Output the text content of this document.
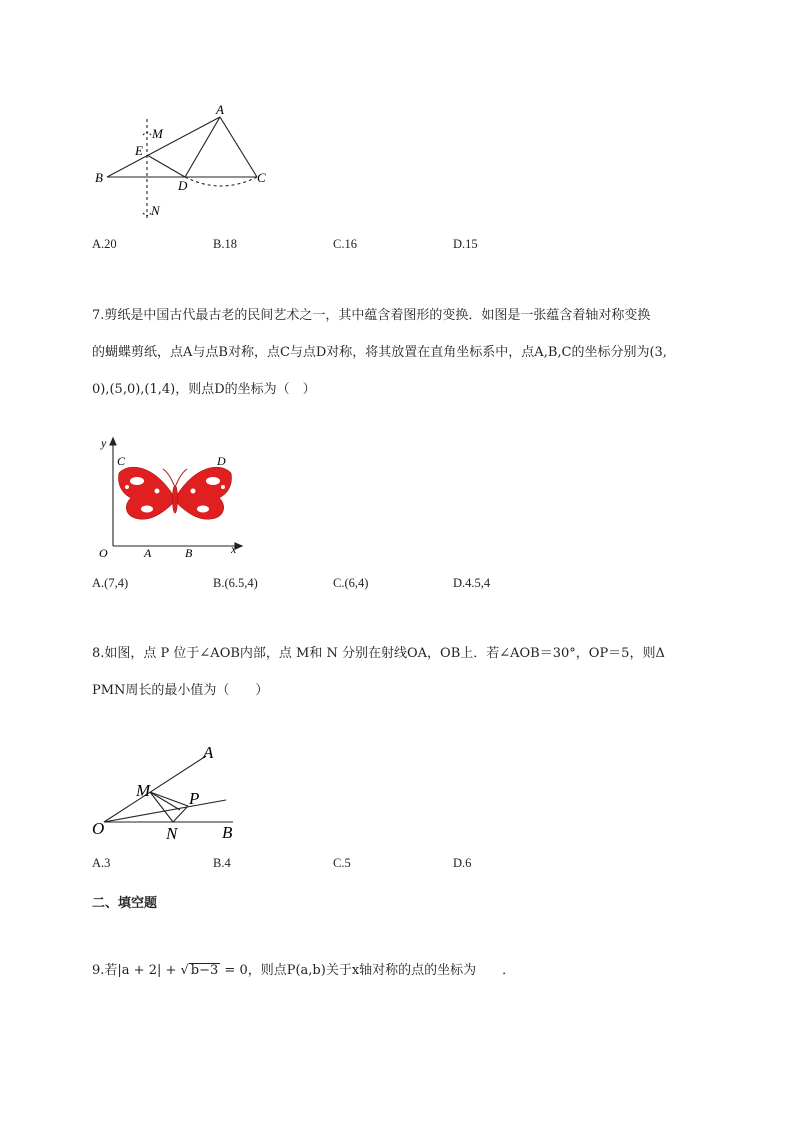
A
B	C
D
E
M
N
A.20	B.18	C.16	D.15
7.剪纸是中国古代最古老的民间艺术之一，其中蕴含着图形的变换．如图是一张蕴含着轴对称变换
的蝴蝶剪纸，点A与点B对称，点C与点D对称，将其放置在直角坐标系中，点A,B,C的坐标分别为(3,
0),(5,0),(1,4)，则点D的坐标为（　）
y
x
O	A	B
C	D
A.(7,4)	B.(6.5,4)	C.(6,4)	D.4.5,4
8.如图，点 P 位于∠AOB内部，点 M和 N 分别在射线OA，OB上．若∠AOB＝30°，OP＝5，则Δ
PMN周长的最小值为（　　）
A
B
O
M
N
P
A.3	B.4	C.5	D.6
二、填空题
9.若|a + 2| + √ b−3 = 0，则点P(a,b)关于x轴对称的点的坐标为 ．
